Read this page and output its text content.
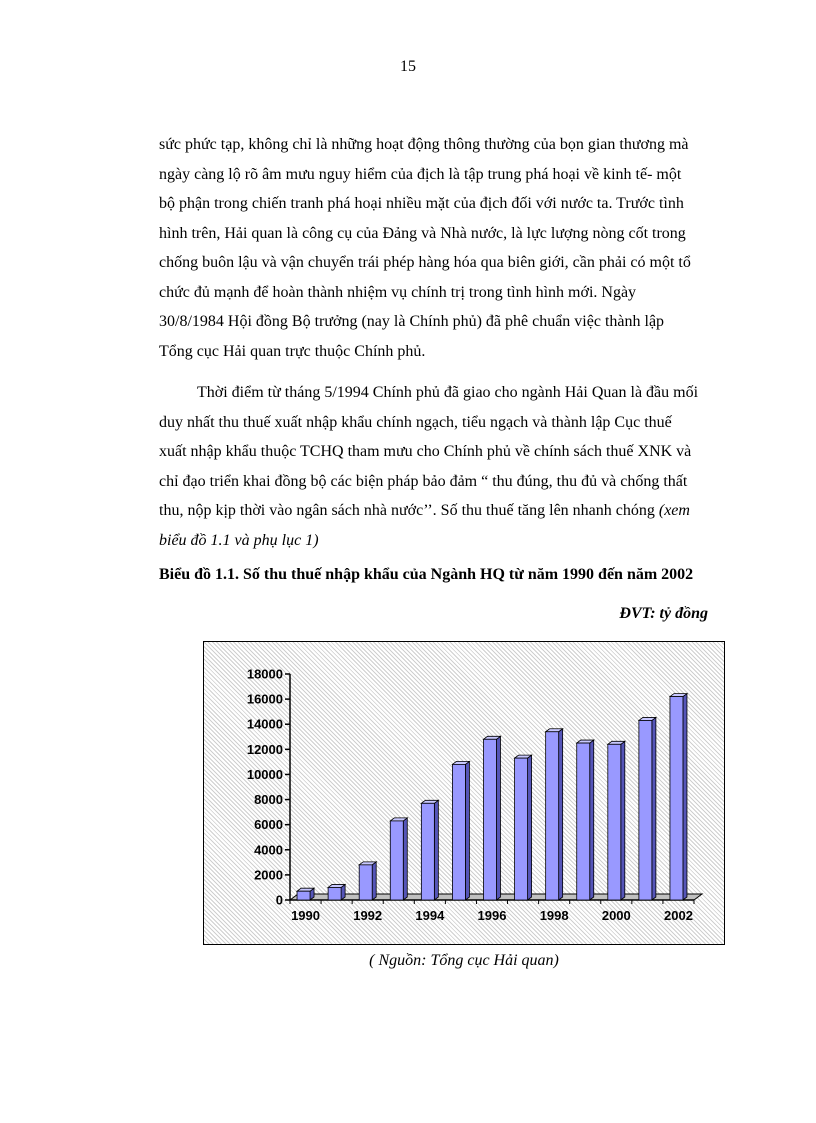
15
sức phức tạp, không chỉ là những hoạt động thông thường của bọn gian thương mà
ngày càng lộ rõ âm mưu nguy hiểm của địch là tập trung phá hoại về kinh tế- một
bộ phận trong chiến tranh phá hoại nhiều mặt của địch đối với nước ta. Trước tình
hình trên, Hải quan là công cụ của Đảng và Nhà nước, là lực lượng nòng cốt trong
chống buôn lậu và vận chuyển trái phép hàng hóa qua biên giới, cần phải có một tổ
chức đủ mạnh để hoàn thành nhiệm vụ chính trị trong tình hình mới. Ngày
30/8/1984 Hội đồng Bộ trưởng (nay là Chính phủ) đã phê chuẩn việc thành lập
Tổng cục Hải quan trực thuộc Chính phủ.
Thời điểm từ tháng 5/1994 Chính phủ đã giao cho ngành Hải Quan là đầu mối
duy nhất thu thuế xuất nhập khẩu chính ngạch, tiểu ngạch và thành lập Cục thuế
xuất nhập khẩu thuộc TCHQ tham mưu cho Chính phủ về chính sách thuế XNK và
chỉ đạo triển khai đồng bộ các biện pháp bảo đảm “ thu đúng, thu đủ và chống thất
thu, nộp kịp thời vào ngân sách nhà nước’’. Số thu thuế tăng lên nhanh chóng (xem
biểu đồ 1.1 và phụ lục 1)
Biểu đồ 1.1. Số thu thuế nhập khẩu của Ngành HQ từ năm 1990 đến năm 2002
ĐVT: tỷ đồng
0
2000
4000
6000
8000
10000
12000
14000
16000
18000
1990	1992	1994	1996	1998	2000	2002
( Nguồn: Tổng cục Hải quan)
